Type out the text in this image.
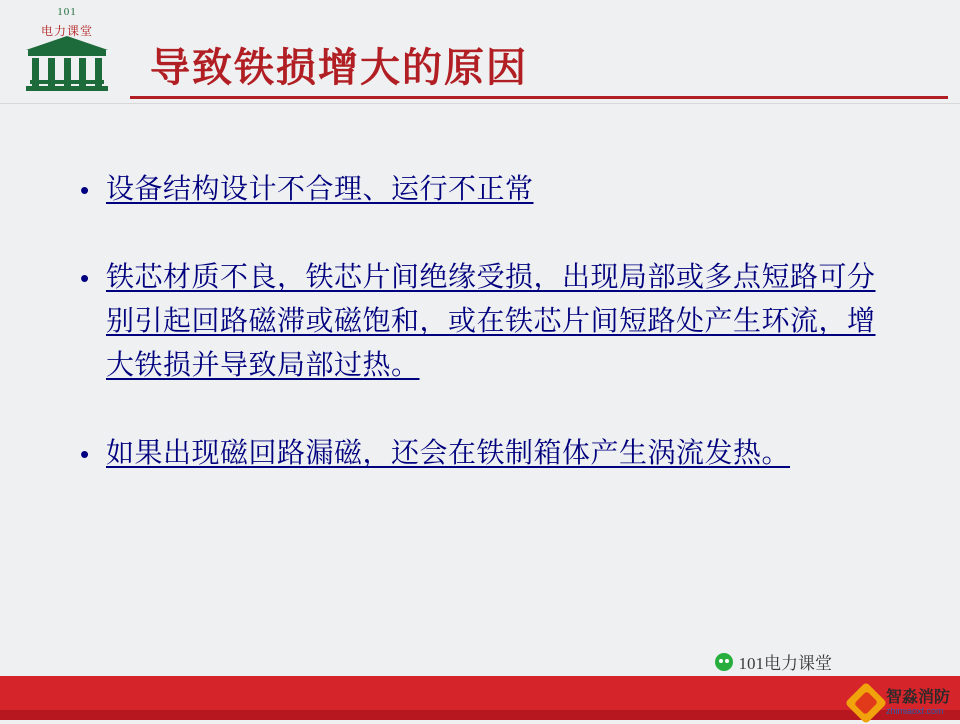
101
电力课堂
导致铁损增大的原因
• 设备结构设计不合理、运行不正常
• 铁芯材质不良，铁芯片间绝缘受损，出现局部或多点短路可分别引起回路磁滞或磁饱和，或在铁芯片间短路处产生环流，增大铁损并导致局部过热。
• 如果出现磁回路漏磁，还会在铁制箱体产生涡流发热。
101电力课堂
智淼消防
zhimiaoxf.com
